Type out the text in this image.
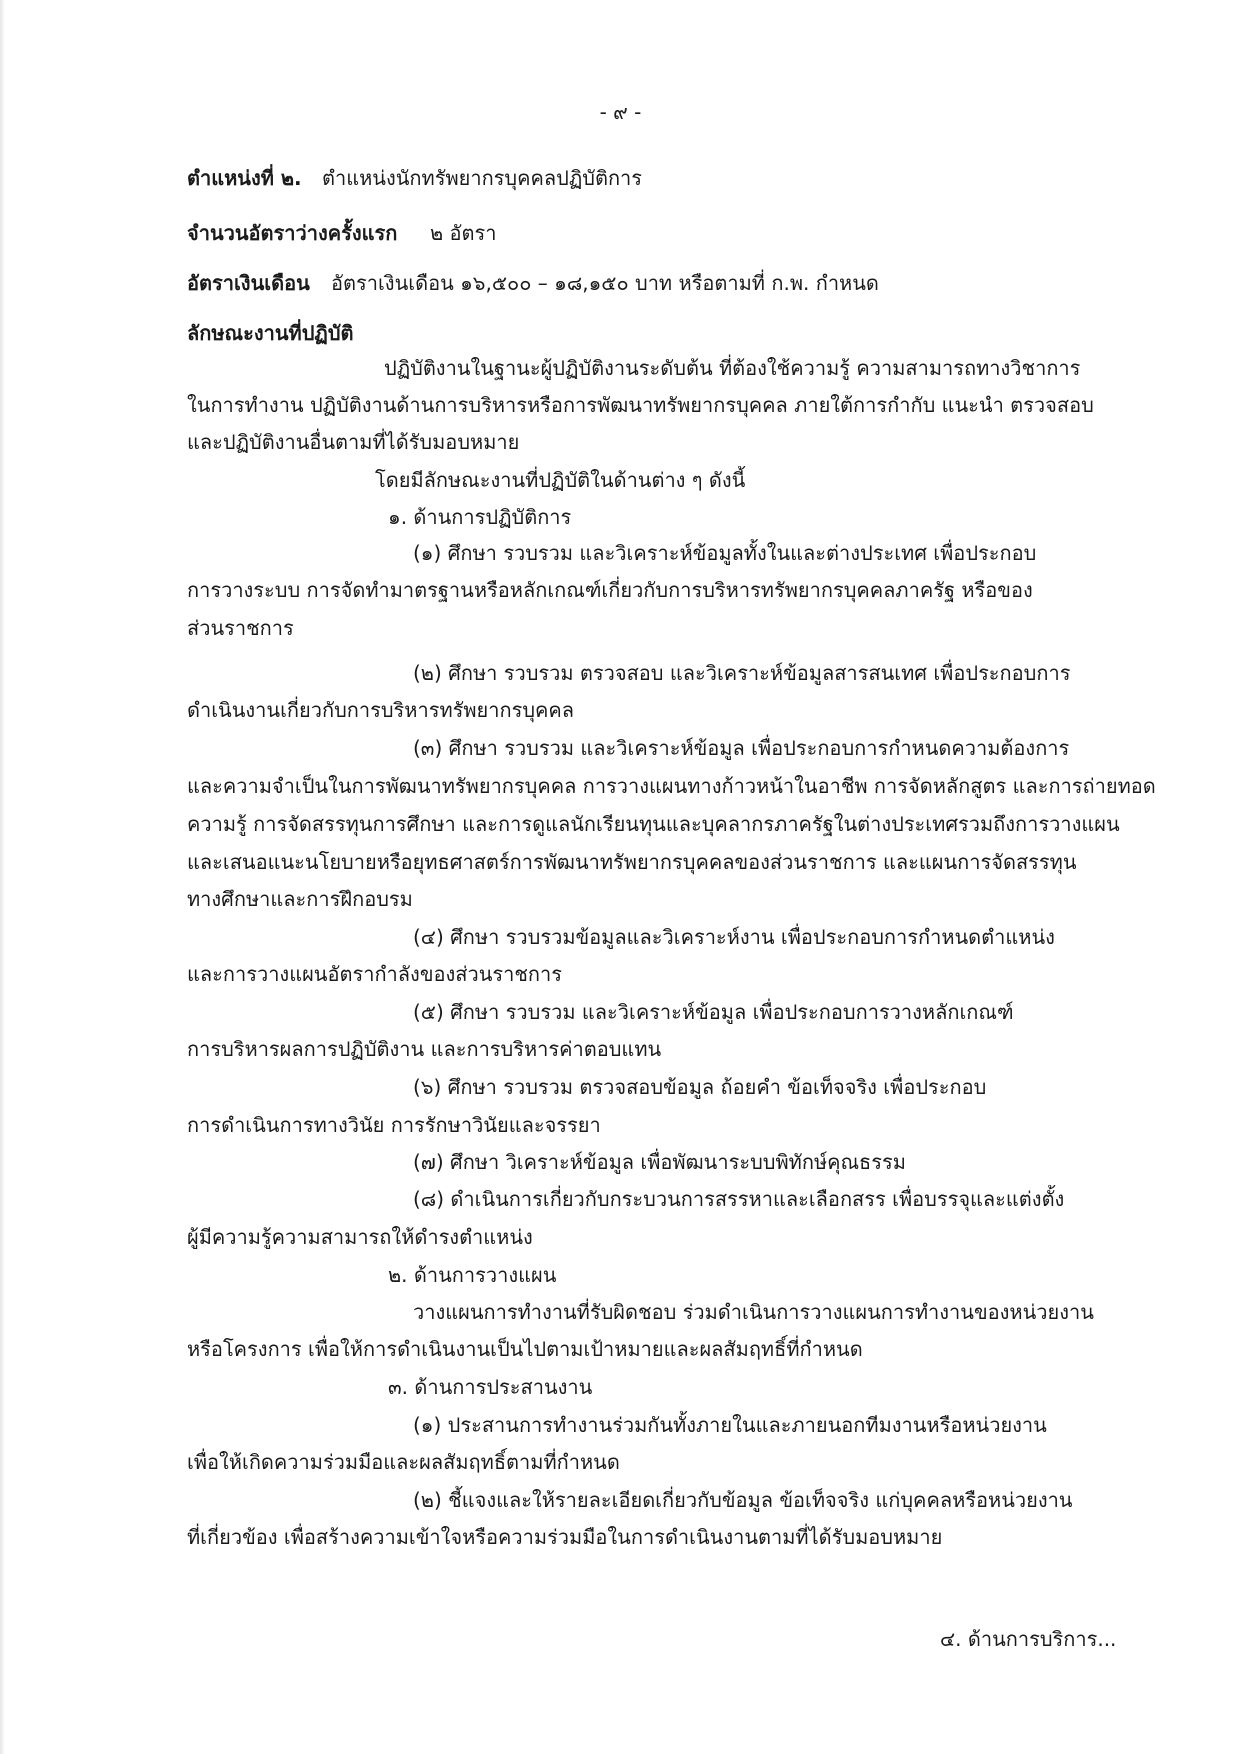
- ๙ -
ตำแหน่งที่ ๒. ตำแหน่งนักทรัพยากรบุคคลปฏิบัติการ
จำนวนอัตราว่างครั้งแรก ๒ อัตรา
อัตราเงินเดือน อัตราเงินเดือน ๑๖,๕๐๐ – ๑๘,๑๕๐ บาท หรือตามที่ ก.พ. กำหนด
ลักษณะงานที่ปฏิบัติ
ปฏิบัติงานในฐานะผู้ปฏิบัติงานระดับต้น ที่ต้องใช้ความรู้ ความสามารถทางวิชาการ
ในการทำงาน ปฏิบัติงานด้านการบริหารหรือการพัฒนาทรัพยากรบุคคล ภายใต้การกำกับ แนะนำ ตรวจสอบ
และปฏิบัติงานอื่นตามที่ได้รับมอบหมาย
โดยมีลักษณะงานที่ปฏิบัติในด้านต่าง ๆ ดังนี้
๑. ด้านการปฏิบัติการ
(๑) ศึกษา รวบรวม และวิเคราะห์ข้อมูลทั้งในและต่างประเทศ เพื่อประกอบ
การวางระบบ การจัดทำมาตรฐานหรือหลักเกณฑ์เกี่ยวกับการบริหารทรัพยากรบุคคลภาครัฐ หรือของ
ส่วนราชการ
(๒) ศึกษา รวบรวม ตรวจสอบ และวิเคราะห์ข้อมูลสารสนเทศ เพื่อประกอบการ
ดำเนินงานเกี่ยวกับการบริหารทรัพยากรบุคคล
(๓) ศึกษา รวบรวม และวิเคราะห์ข้อมูล เพื่อประกอบการกำหนดความต้องการ
และความจำเป็นในการพัฒนาทรัพยากรบุคคล การวางแผนทางก้าวหน้าในอาชีพ การจัดหลักสูตร และการถ่ายทอด
ความรู้ การจัดสรรทุนการศึกษา และการดูแลนักเรียนทุนและบุคลากรภาครัฐในต่างประเทศรวมถึงการวางแผน
และเสนอแนะนโยบายหรือยุทธศาสตร์การพัฒนาทรัพยากรบุคคลของส่วนราชการ และแผนการจัดสรรทุน
ทางศึกษาและการฝึกอบรม
(๔) ศึกษา รวบรวมข้อมูลและวิเคราะห์งาน เพื่อประกอบการกำหนดตำแหน่ง
และการวางแผนอัตรากำลังของส่วนราชการ
(๕) ศึกษา รวบรวม และวิเคราะห์ข้อมูล เพื่อประกอบการวางหลักเกณฑ์
การบริหารผลการปฏิบัติงาน และการบริหารค่าตอบแทน
(๖) ศึกษา รวบรวม ตรวจสอบข้อมูล ถ้อยคำ ข้อเท็จจริง เพื่อประกอบ
การดำเนินการทางวินัย การรักษาวินัยและจรรยา
(๗) ศึกษา วิเคราะห์ข้อมูล เพื่อพัฒนาระบบพิทักษ์คุณธรรม
(๘) ดำเนินการเกี่ยวกับกระบวนการสรรหาและเลือกสรร เพื่อบรรจุและแต่งตั้ง
ผู้มีความรู้ความสามารถให้ดำรงตำแหน่ง
๒. ด้านการวางแผน
วางแผนการทำงานที่รับผิดชอบ ร่วมดำเนินการวางแผนการทำงานของหน่วยงาน
หรือโครงการ เพื่อให้การดำเนินงานเป็นไปตามเป้าหมายและผลสัมฤทธิ์ที่กำหนด
๓. ด้านการประสานงาน
(๑) ประสานการทำงานร่วมกันทั้งภายในและภายนอกทีมงานหรือหน่วยงาน
เพื่อให้เกิดความร่วมมือและผลสัมฤทธิ์ตามที่กำหนด
(๒) ชี้แจงและให้รายละเอียดเกี่ยวกับข้อมูล ข้อเท็จจริง แก่บุคคลหรือหน่วยงาน
ที่เกี่ยวข้อง เพื่อสร้างความเข้าใจหรือความร่วมมือในการดำเนินงานตามที่ได้รับมอบหมาย
๔. ด้านการบริการ...
